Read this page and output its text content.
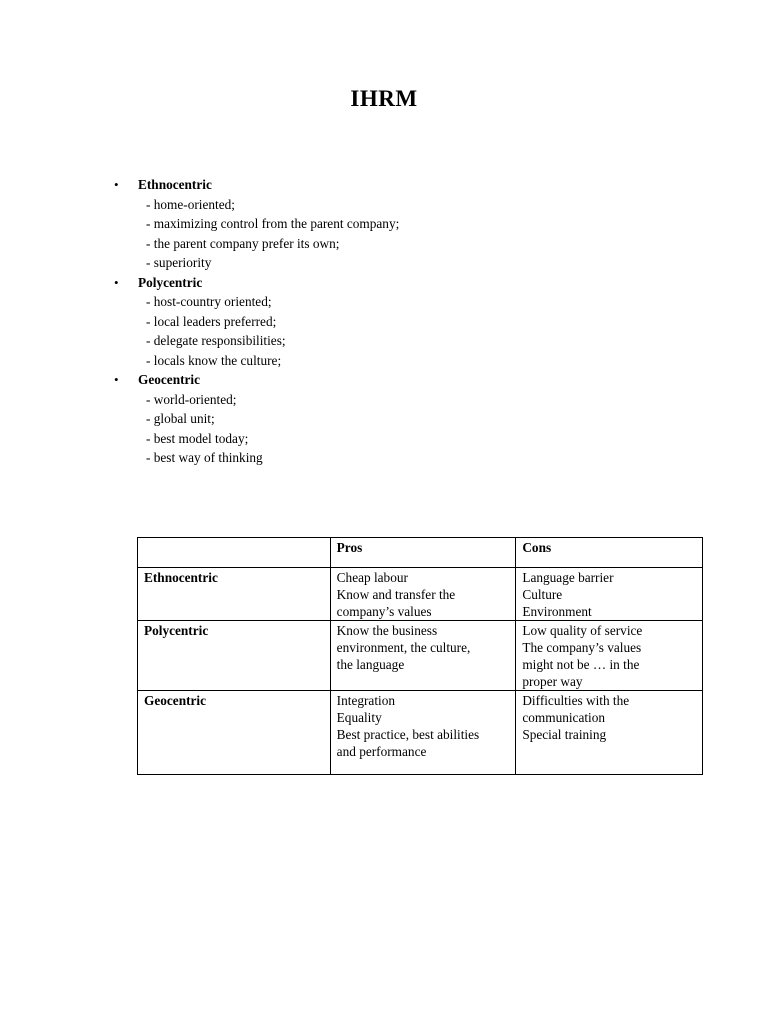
IHRM
• Ethnocentric
- home-oriented;
- maximizing control from the parent company;
- the parent company prefer its own;
- superiority
• Polycentric
- host-country oriented;
- local leaders preferred;
- delegate responsibilities;
- locals know the culture;
• Geocentric
- world-oriented;
- global unit;
- best model today;
- best way of thinking
	Pros	Cons
Ethnocentric	Cheap labour
Know and transfer the
company’s values	Language barrier
Culture
Environment

Polycentric	Know the business
environment, the culture,
the language	Low quality of service
The company’s values
might not be … in the
proper way

Geocentric	Integration
Equality
Best practice, best abilities
and performance	Difficulties with the
communication
Special training
